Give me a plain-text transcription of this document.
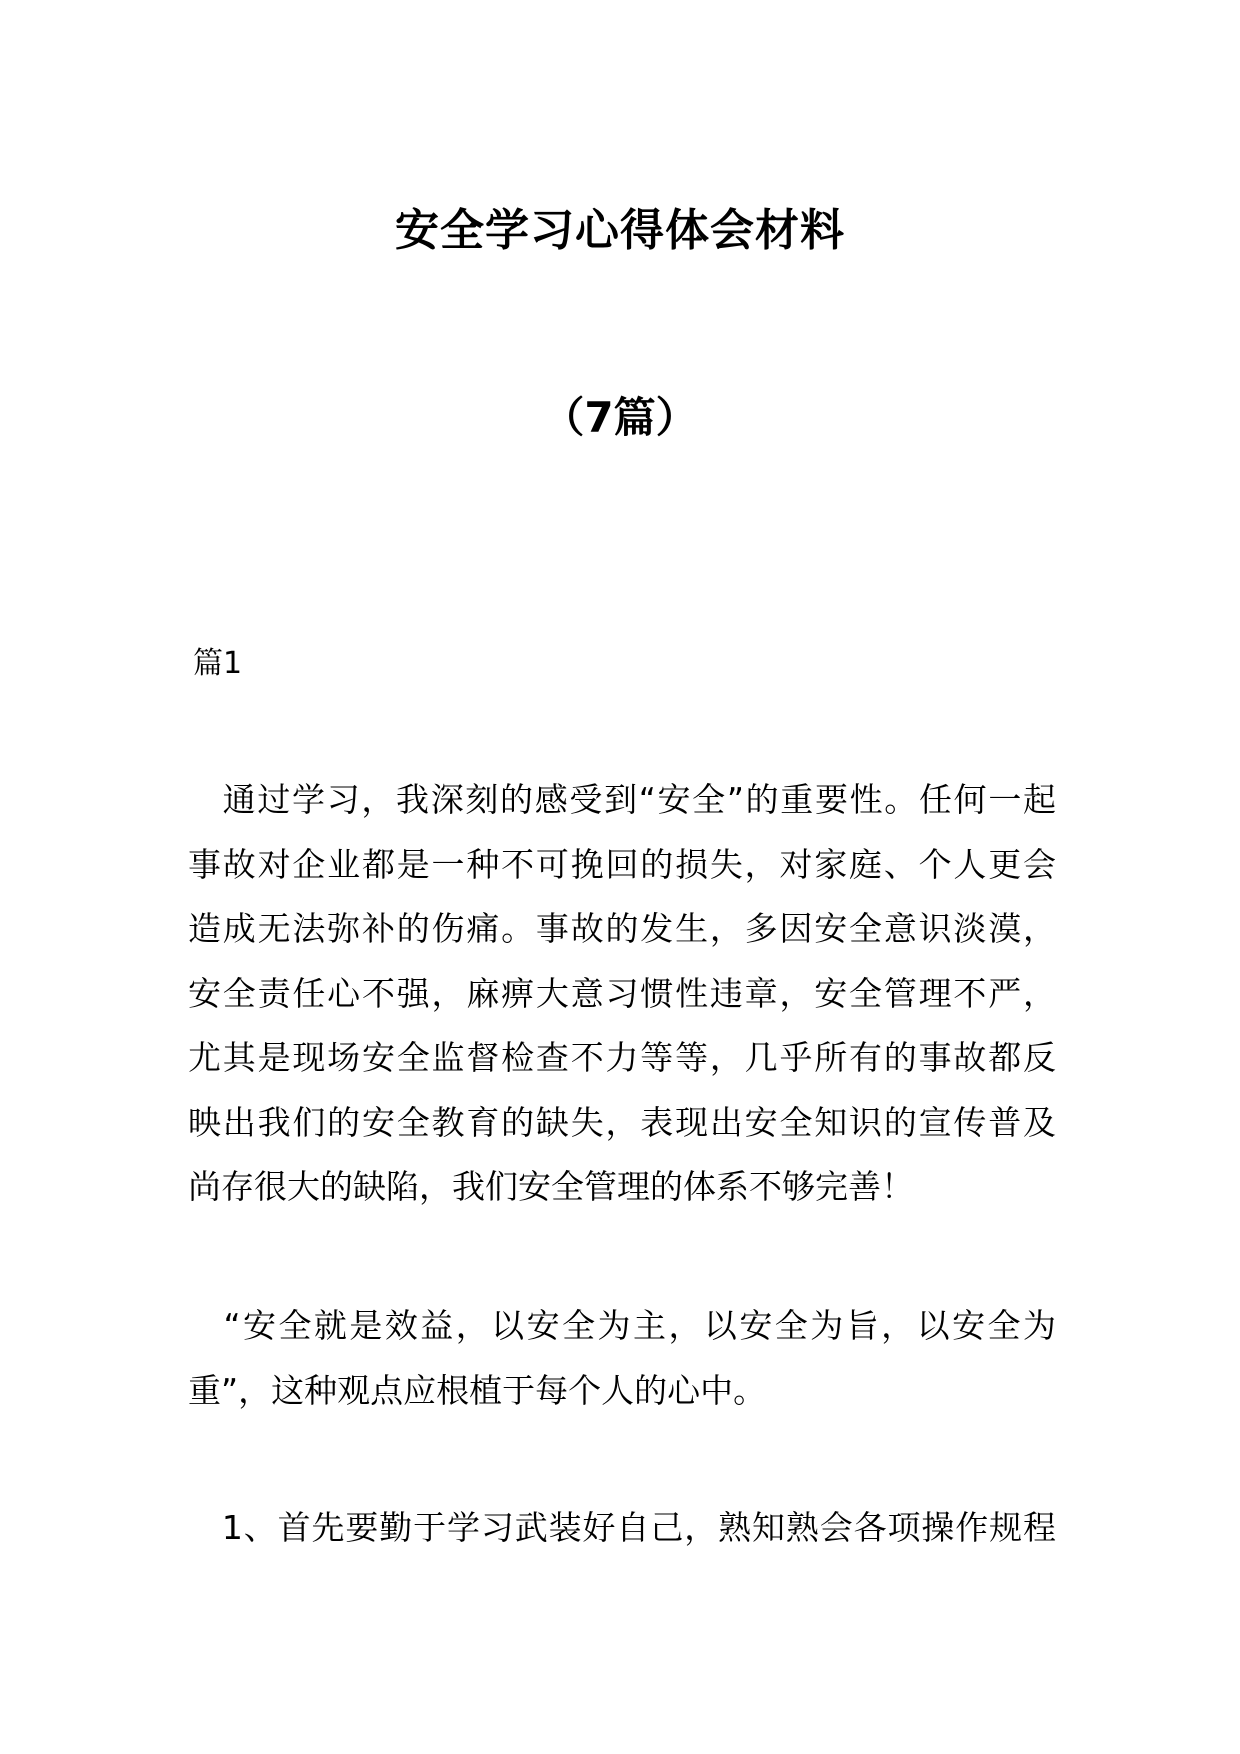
安全学习心得体会材料
（7篇）
篇1
　通过学习，我深刻的感受到“安全”的重要性。任何一起
事故对企业都是一种不可挽回的损失，对家庭、个人更会
造成无法弥补的伤痛。事故的发生，多因安全意识淡漠，
安全责任心不强，麻痹大意习惯性违章，安全管理不严，
尤其是现场安全监督检查不力等等，几乎所有的事故都反
映出我们的安全教育的缺失，表现出安全知识的宣传普及
尚存很大的缺陷，我们安全管理的体系不够完善！
　“安全就是效益，以安全为主，以安全为旨，以安全为
重”，这种观点应根植于每个人的心中。
　1、首先要勤于学习武装好自己，熟知熟会各项操作规程
